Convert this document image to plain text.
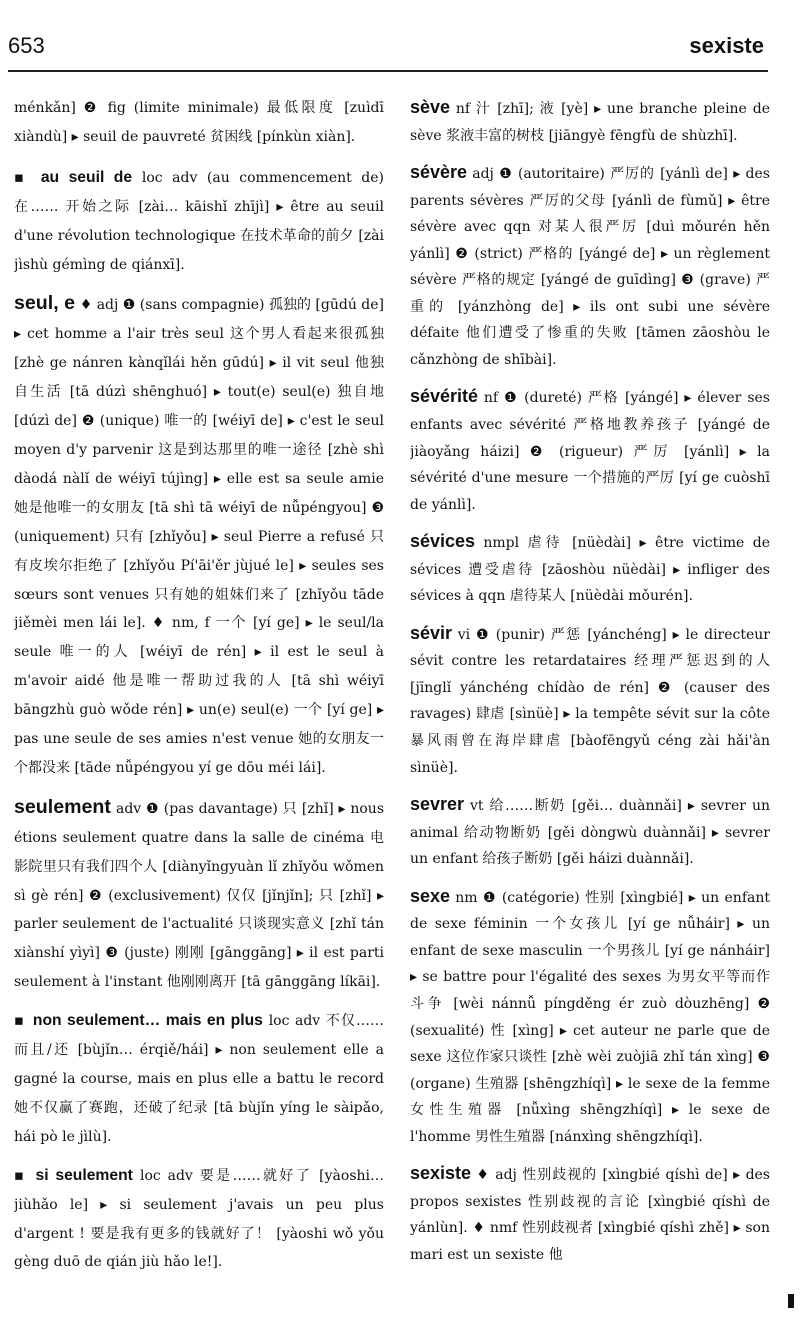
653	sexiste

ménkǎn] ❷ fig (limite minimale) 最低限度 [zuìdī xiàndù] ▸ seuil de pauvreté 贫困线 [pínkùn xiàn].

▪ au seuil de loc adv (au commencement de) 在…… 开始之际 [zài… kāishǐ zhījì] ▸ être au seuil d'une révolution technologique 在技术革命的前夕 [zài jìshù gémìng de qiánxī].

seul, e ♦ adj ❶ (sans compagnie) 孤独的 [gūdú de] ▸ cet homme a l'air très seul 这个男人看起来很孤独 [zhè ge nánren kànqǐlái hěn gūdú] ▸ il vit seul 他独自生活 [tā dúzì shēnghuó] ▸ tout(e) seul(e) 独自地 [dúzì de] ❷ (unique) 唯一的 [wéiyī de] ▸ c'est le seul moyen d'y parvenir 这是到达那里的唯一途径 [zhè shì dàodá nàlǐ de wéiyī tújìng] ▸ elle est sa seule amie 她是他唯一的女朋友 [tā shì tā wéiyī de nǚpéngyou] ❸ (uniquement) 只有 [zhǐyǒu] ▸ seul Pierre a refusé 只有皮埃尔拒绝了 [zhǐyǒu Pí'āi'ěr jùjué le] ▸ seules ses sœurs sont venues 只有她的姐妹们来了 [zhǐyǒu tāde jiěmèi men lái le]. ♦ nm, f 一个 [yí ge] ▸ le seul/la seule 唯一的人 [wéiyī de rén] ▸ il est le seul à m'avoir aidé 他是唯一帮助过我的人 [tā shì wéiyī bāngzhù guò wǒde rén] ▸ un(e) seul(e) 一个 [yí ge] ▸ pas une seule de ses amies n'est venue 她的女朋友一个都没来 [tāde nǚpéngyou yí ge dōu méi lái].

seulement adv ❶ (pas davantage) 只 [zhǐ] ▸ nous étions seulement quatre dans la salle de cinéma 电影院里只有我们四个人 [diànyǐngyuàn lǐ zhǐyǒu wǒmen sì gè rén] ❷ (exclusivement) 仅仅 [jǐnjǐn]; 只 [zhǐ] ▸ parler seulement de l'actualité 只谈现实意义 [zhǐ tán xiànshí yìyì] ❸ (juste) 刚刚 [gānggāng] ▸ il est parti seulement à l'instant 他刚刚离开 [tā gānggāng líkāi].

▪ non seulement… mais en plus loc adv 不仅……而且/还 [bùjǐn… érqiě/hái] ▸ non seulement elle a gagné la course, mais en plus elle a battu le record 她不仅赢了赛跑，还破了纪录 [tā bùjǐn yíng le sàipǎo, hái pò le jìlù].

▪ si seulement loc adv 要是……就好了 [yàoshi… jiùhǎo le] ▸ si seulement j'avais un peu plus d'argent ! 要是我有更多的钱就好了！ [yàoshi wǒ yǒu gèng duō de qián jiù hǎo le!].

sève nf 汁 [zhī]; 液 [yè] ▸ une branche pleine de sève 浆液丰富的树枝 [jiāngyè fēngfù de shùzhī].

sévère adj ❶ (autoritaire) 严厉的 [yánlì de] ▸ des parents sévères 严厉的父母 [yánlì de fùmǔ] ▸ être sévère avec qqn 对某人很严厉 [duì mǒurén hěn yánlì] ❷ (strict) 严格的 [yángé de] ▸ un règlement sévère 严格的规定 [yángé de guīdìng] ❸ (grave) 严重的 [yánzhòng de] ▸ ils ont subi une sévère défaite 他们遭受了惨重的失败 [tāmen zāoshòu le cǎnzhòng de shībài].

sévérité nf ❶ (dureté) 严格 [yángé] ▸ élever ses enfants avec sévérité 严格地教养孩子 [yángé de jiàoyǎng háizi] ❷ (rigueur) 严厉 [yánlì] ▸ la sévérité d'une mesure 一个措施的严厉 [yí ge cuòshī de yánlì].

sévices nmpl 虐待 [nüèdài] ▸ être victime de sévices 遭受虐待 [zāoshòu nüèdài] ▸ infliger des sévices à qqn 虐待某人 [nüèdài mǒurén].

sévir vi ❶ (punir) 严惩 [yánchéng] ▸ le directeur sévit contre les retardataires 经理严惩迟到的人 [jīnglǐ yánchéng chídào de rén] ❷ (causer des ravages) 肆虐 [sìnüè] ▸ la tempête sévit sur la côte 暴风雨曾在海岸肆虐 [bàofēngyǔ céng zài hǎi'àn sìnüè].

sevrer vt 给……断奶 [gěi… duànnǎi] ▸ sevrer un animal 给动物断奶 [gěi dòngwù duànnǎi] ▸ sevrer un enfant 给孩子断奶 [gěi háizi duànnǎi].

sexe nm ❶ (catégorie) 性别 [xìngbié] ▸ un enfant de sexe féminin 一个女孩儿 [yí ge nǚháir] ▸ un enfant de sexe masculin 一个男孩儿 [yí ge nánháir] ▸ se battre pour l'égalité des sexes 为男女平等而作斗争 [wèi nánnǚ píngděng ér zuò dòuzhēng] ❷ (sexualité) 性 [xìng] ▸ cet auteur ne parle que de sexe 这位作家只谈性 [zhè wèi zuòjiā zhǐ tán xìng] ❸ (organe) 生殖器 [shēngzhíqì] ▸ le sexe de la femme 女性生殖器 [nǚxìng shēngzhíqì] ▸ le sexe de l'homme 男性生殖器 [nánxìng shēngzhíqì].

sexiste ♦ adj 性别歧视的 [xìngbié qíshì de] ▸ des propos sexistes 性别歧视的言论 [xìngbié qíshì de yánlùn]. ♦ nmf 性别歧视者 [xìngbié qíshì zhě] ▸ son mari est un sexiste 他
